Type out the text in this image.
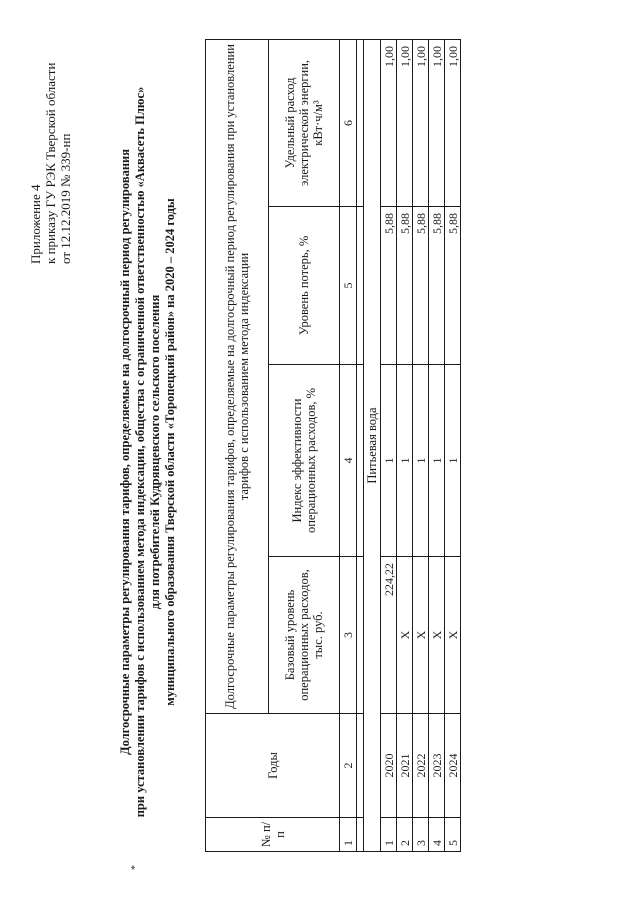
Приложение 4 к приказу ГУ РЭК Тверской области от 12.12.2019 № 339-нп	Долгосрочные параметры регулирования тарифов, определяемые на долгосрочный период регулирования при установлении тарифов с использованием метода индексации, общества с ограниченной ответственностью «Аквасеть Плюс» для потребителей Кудрявцевского сельского поселения муниципального образования Тверской области «Торопецкий район» на 2020 – 2024 годы
*
№ п/п	Годы	Долгосрочные параметры регулирования тарифов, определяемые на долгосрочный период регулирования при установлении тарифов с использованием метода индексации			
		Базовый уровень операционных расходов, тыс. руб.	Индекс эффективности операционных расходов, %	Уровень потерь, %	Удельный расход электрической энергии, кВт·ч/м³
1	2	3	4	5	6

Питьевая вода					
1	2020	224,22	1	5,88	1,00
2	2021	X	1	5,88	1,00
3	2022	X	1	5,88	1,00
4	2023	X	1	5,88	1,00
5	2024	X	1	5,88	1,00
